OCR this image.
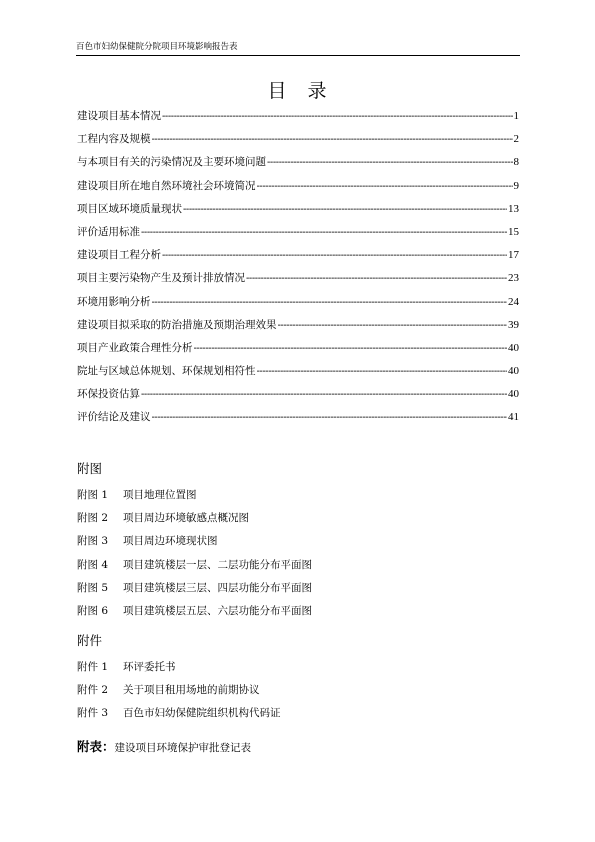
百色市妇幼保健院分院项目环境影响报告表
目　录
建设项目基本情况 -----	1
工程内容及规模 -----	2
与本项目有关的污染情况及主要环境问题 -----	8
建设项目所在地自然环境社会环境简况 -----	9
项目区域环境质量现状 -----	13
评价适用标准 -----	15
建设项目工程分析 -----	17
项目主要污染物产生及预计排放情况 -----	23
环境用影响分析 -----	24
建设项目拟采取的防治措施及预期治理效果 -----	39
项目产业政策合理性分析 -----	40
院址与区域总体规划、环保规划相符性 -----	40
环保投资估算 -----	40
评价结论及建议 -----	41
附图
附图 1	项目地理位置图
附图 2	项目周边环境敏感点概况图
附图 3	项目周边环境现状图
附图 4	项目建筑楼层一层、二层功能分布平面图
附图 5	项目建筑楼层三层、四层功能分布平面图
附图 6	项目建筑楼层五层、六层功能分布平面图
附件
附件 1	环评委托书
附件 2	关于项目租用场地的前期协议
附件 3	百色市妇幼保健院组织机构代码证
附表：建设项目环境保护审批登记表
